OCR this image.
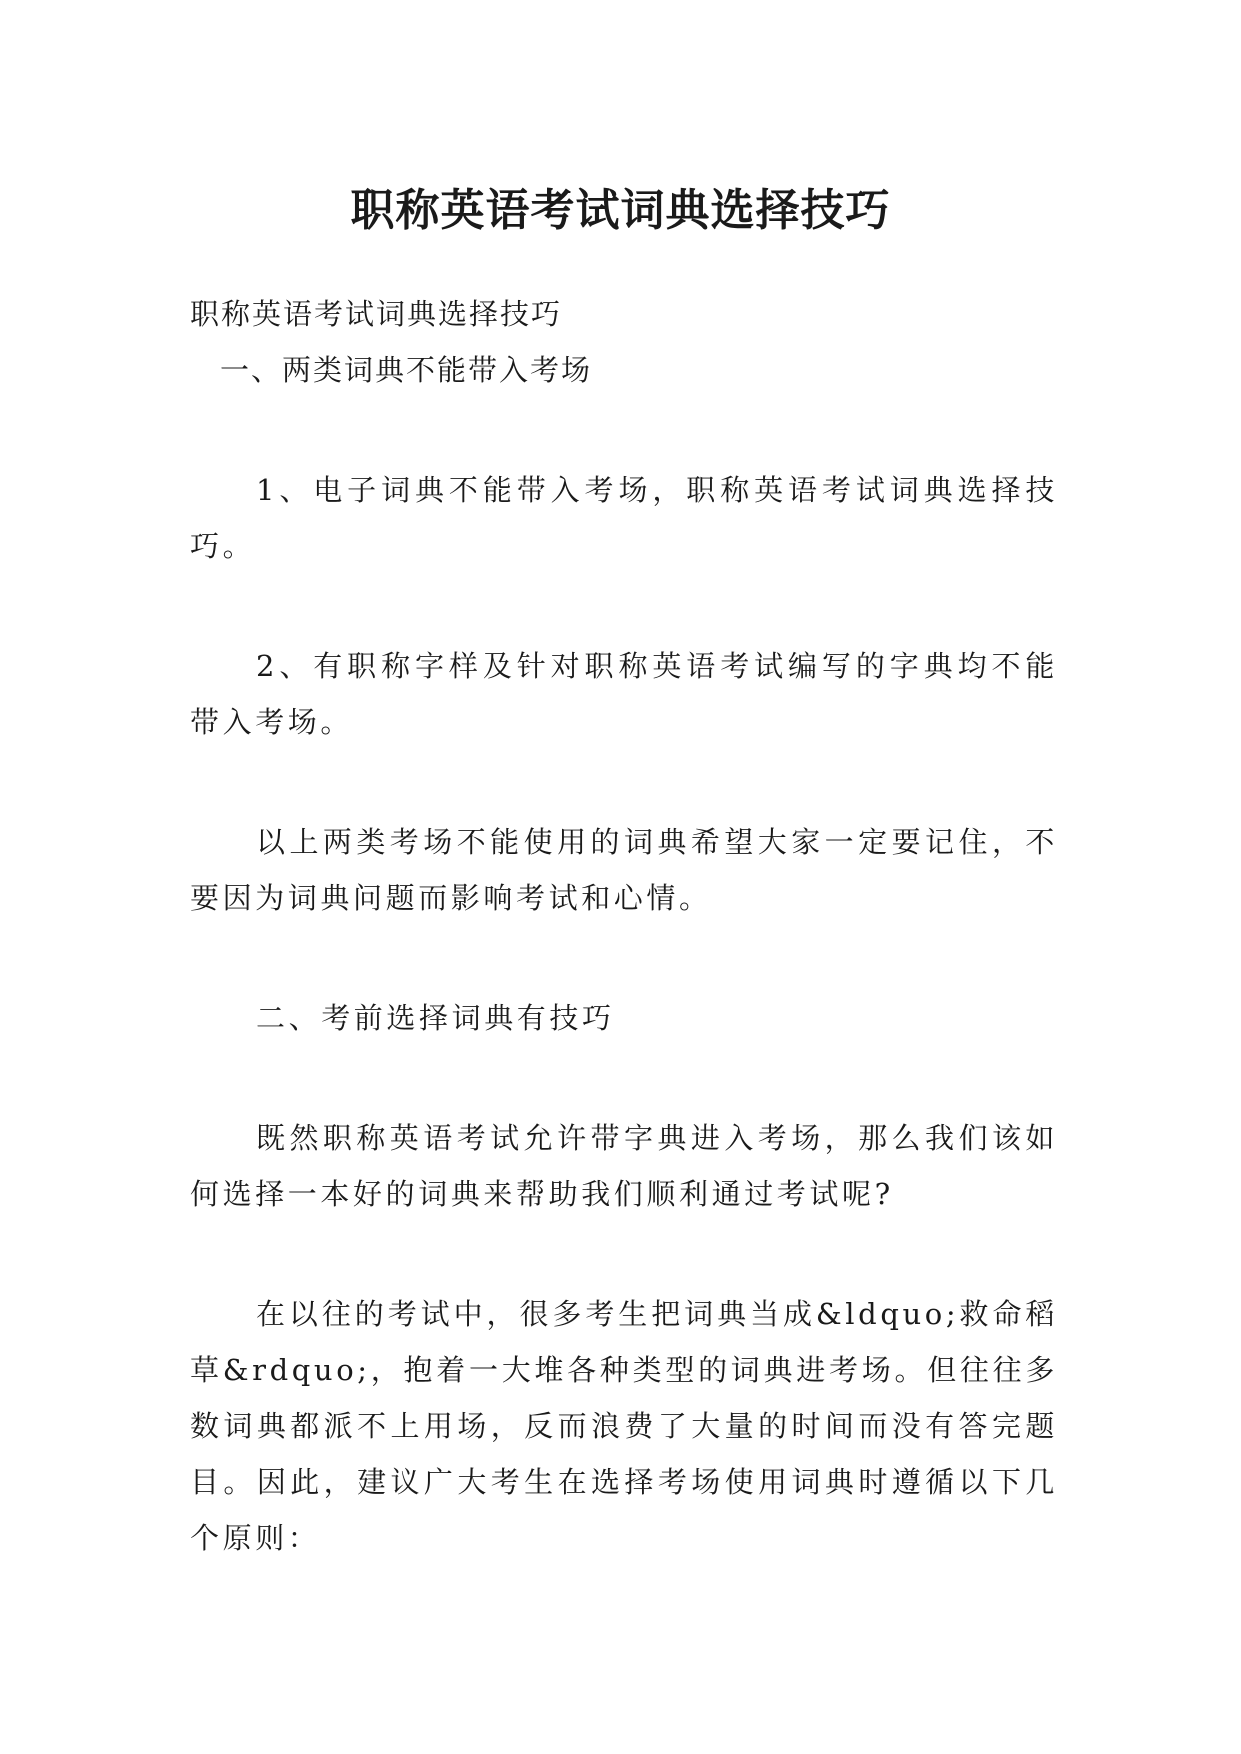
职称英语考试词典选择技巧

职称英语考试词典选择技巧

一、两类词典不能带入考场

1、电子词典不能带入考场，职称英语考试词典选择技巧。

2、有职称字样及针对职称英语考试编写的字典均不能带入考场。

以上两类考场不能使用的词典希望大家一定要记住，不要因为词典问题而影响考试和心情。

二、考前选择词典有技巧

既然职称英语考试允许带字典进入考场，那么我们该如何选择一本好的词典来帮助我们顺利通过考试呢?

在以往的考试中，很多考生把词典当成&ldquo;救命稻草&rdquo;，抱着一大堆各种类型的词典进考场。但往往多数词典都派不上用场，反而浪费了大量的时间而没有答完题目。因此，建议广大考生在选择考场使用词典时遵循以下几个原则：
